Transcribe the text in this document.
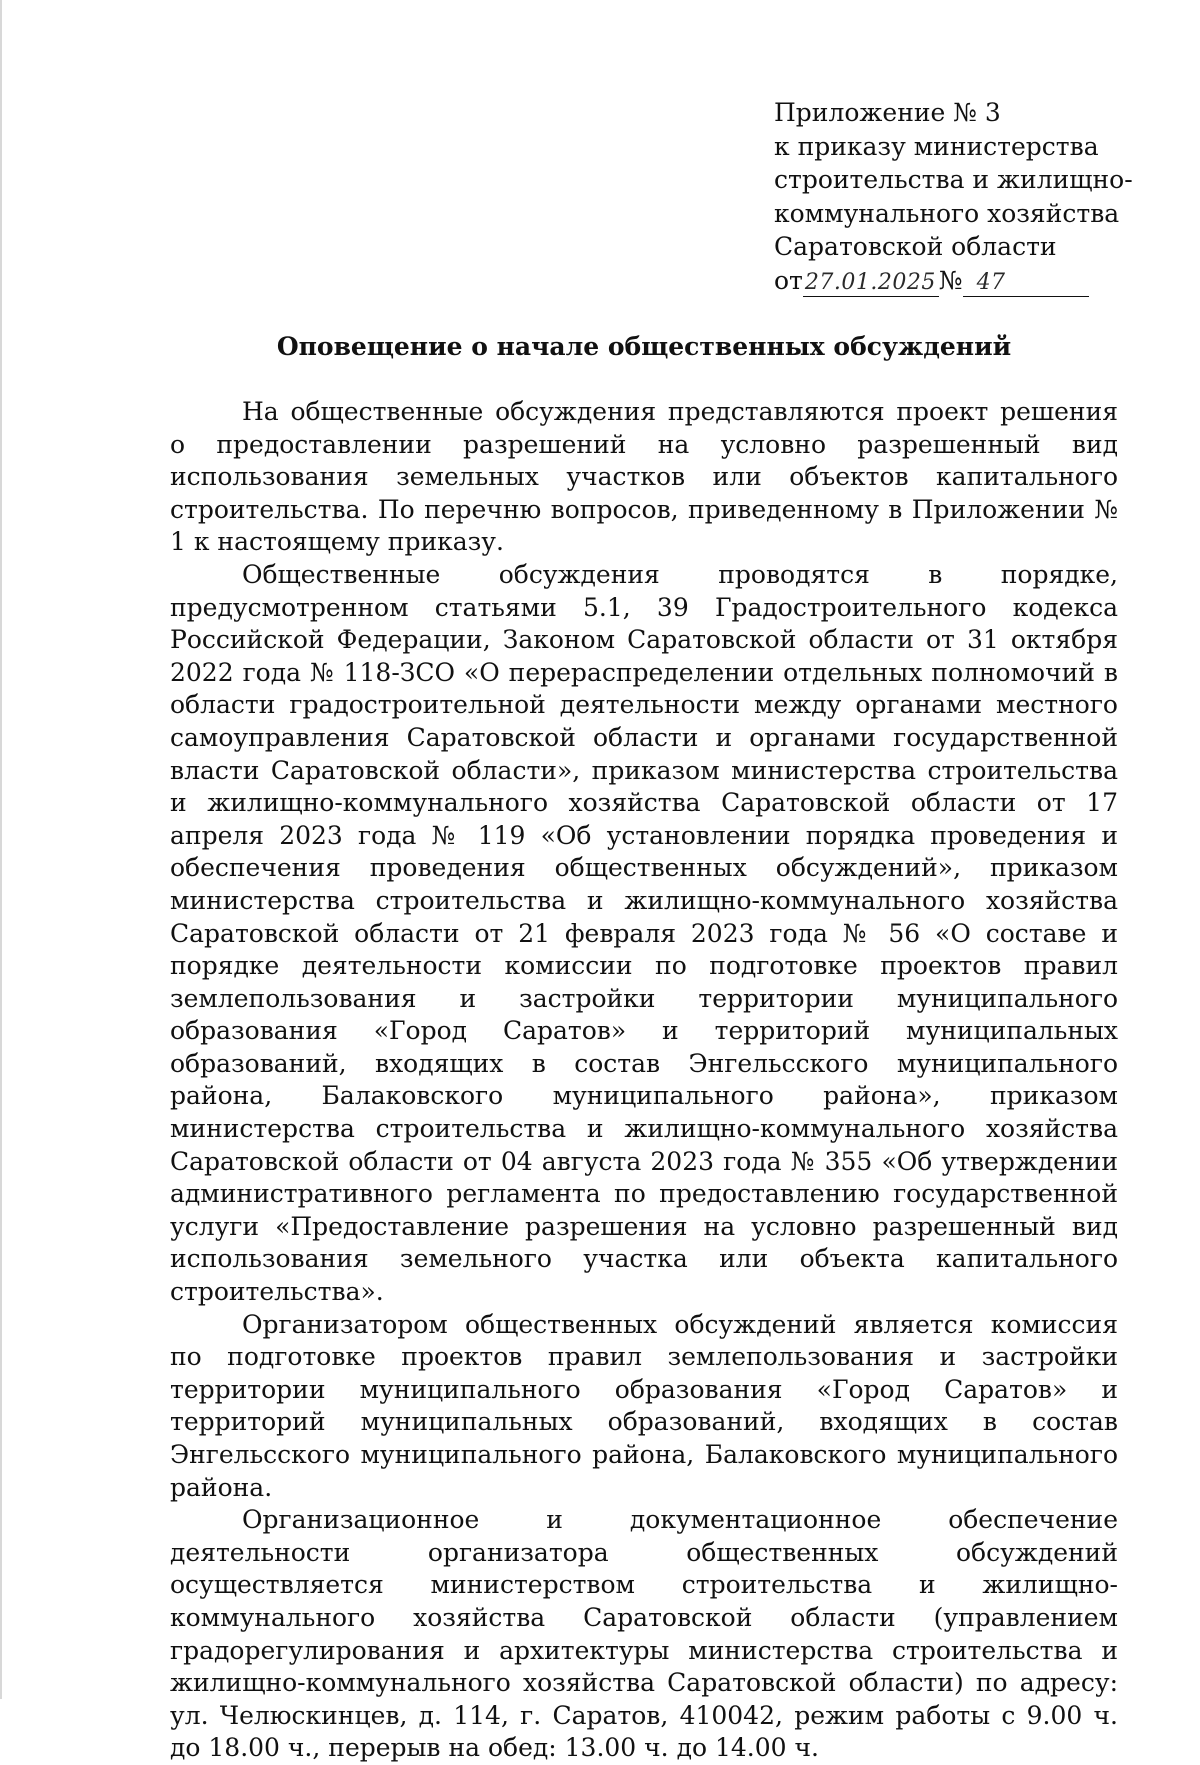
Приложение № 3
к приказу министерства
строительства и жилищно-
коммунального хозяйства
Саратовской области
от 27.01.2025 № 47
Оповещение о начале общественных обсуждений

На общественные обсуждения представляются проект решения о предоставлении разрешений на условно разрешенный вид использования земельных участков или объектов капитального строительства. По перечню вопросов, приведенному в Приложении № 1 к настоящему приказу.

Общественные обсуждения проводятся в порядке, предусмотренном статьями 5.1, 39 Градостроительного кодекса Российской Федерации, Законом Саратовской области от 31 октября 2022 года № 118-ЗСО «О перераспределении отдельных полномочий в области градостроительной деятельности между органами местного самоуправления Саратовской области и органами государственной власти Саратовской области», приказом министерства строительства и жилищно-коммунального хозяйства Саратовской области от 17 апреля 2023 года № 119 «Об установлении порядка проведения и обеспечения проведения общественных обсуждений», приказом министерства строительства и жилищно-коммунального хозяйства Саратовской области от 21 февраля 2023 года № 56 «О составе и порядке деятельности комиссии по подготовке проектов правил землепользования и застройки территории муниципального образования «Город Саратов» и территорий муниципальных образований, входящих в состав Энгельсского муниципального района, Балаковского муниципального района», приказом министерства строительства и жилищно-коммунального хозяйства Саратовской области от 04 августа 2023 года № 355 «Об утверждении административного регламента по предоставлению государственной услуги «Предоставление разрешения на условно разрешенный вид использования земельного участка или объекта капитального строительства».

Организатором общественных обсуждений является комиссия по подготовке проектов правил землепользования и застройки территории муниципального образования «Город Саратов» и территорий муниципальных образований, входящих в состав Энгельсского муниципального района, Балаковского муниципального района.

Организационное и документационное обеспечение деятельности организатора общественных обсуждений осуществляется министерством строительства и жилищно-коммунального хозяйства Саратовской области (управлением градорегулирования и архитектуры министерства строительства и жилищно-коммунального хозяйства Саратовской области) по адресу: ул. Челюскинцев, д. 114, г. Саратов, 410042, режим работы с 9.00 ч. до 18.00 ч., перерыв на обед: 13.00 ч. до 14.00 ч.
